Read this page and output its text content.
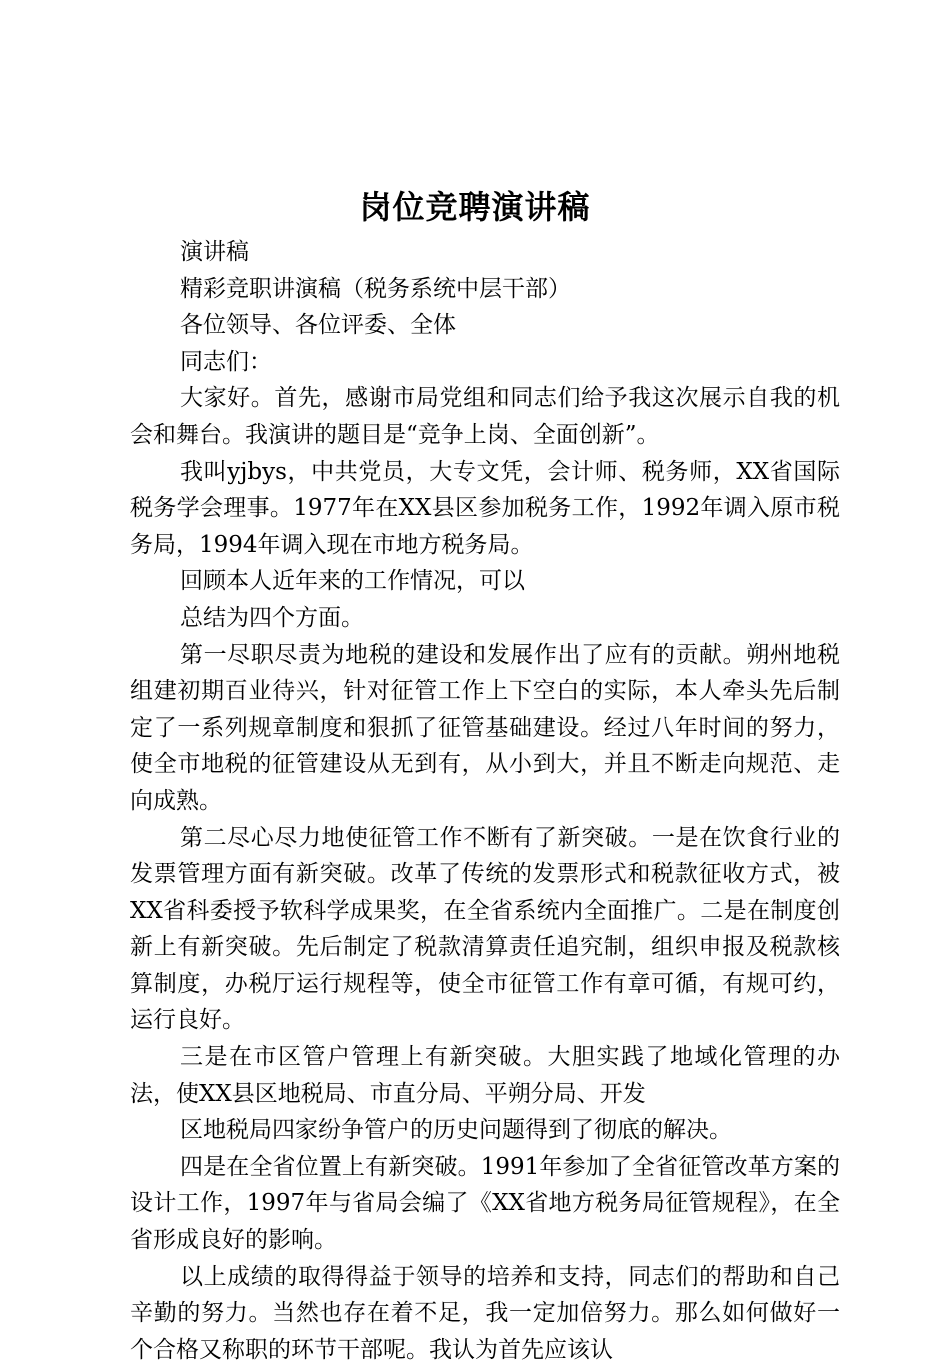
岗位竞聘演讲稿

演讲稿

精彩竞职讲演稿（税务系统中层干部）

各位领导、各位评委、全体

同志们：

大家好。首先，感谢市局党组和同志们给予我这次展示自我的机会和舞台。我演讲的题目是“竞争上岗、全面创新”。

我叫yjbys，中共党员，大专文凭，会计师、税务师，XX省国际税务学会理事。1977年在XX县区参加税务工作，1992年调入原市税务局，1994年调入现在市地方税务局。

回顾本人近年来的工作情况，可以

总结为四个方面。

第一尽职尽责为地税的建设和发展作出了应有的贡献。朔州地税组建初期百业待兴，针对征管工作上下空白的实际，本人牵头先后制定了一系列规章制度和狠抓了征管基础建设。经过八年时间的努力，使全市地税的征管建设从无到有，从小到大，并且不断走向规范、走向成熟。

第二尽心尽力地使征管工作不断有了新突破。一是在饮食行业的发票管理方面有新突破。改革了传统的发票形式和税款征收方式，被XX省科委授予软科学成果奖，在全省系统内全面推广。二是在制度创新上有新突破。先后制定了税款清算责任追究制，组织申报及税款核算制度，办税厅运行规程等，使全市征管工作有章可循，有规可约，运行良好。

三是在市区管户管理上有新突破。大胆实践了地域化管理的办法，使XX县区地税局、市直分局、平朔分局、开发

区地税局四家纷争管户的历史问题得到了彻底的解决。

四是在全省位置上有新突破。1991年参加了全省征管改革方案的设计工作，1997年与省局会编了《XX省地方税务局征管规程》，在全省形成良好的影响。

以上成绩的取得得益于领导的培养和支持，同志们的帮助和自己辛勤的努力。当然也存在着不足，我一定加倍努力。那么如何做好一个合格又称职的环节干部呢。我认为首先应该认
